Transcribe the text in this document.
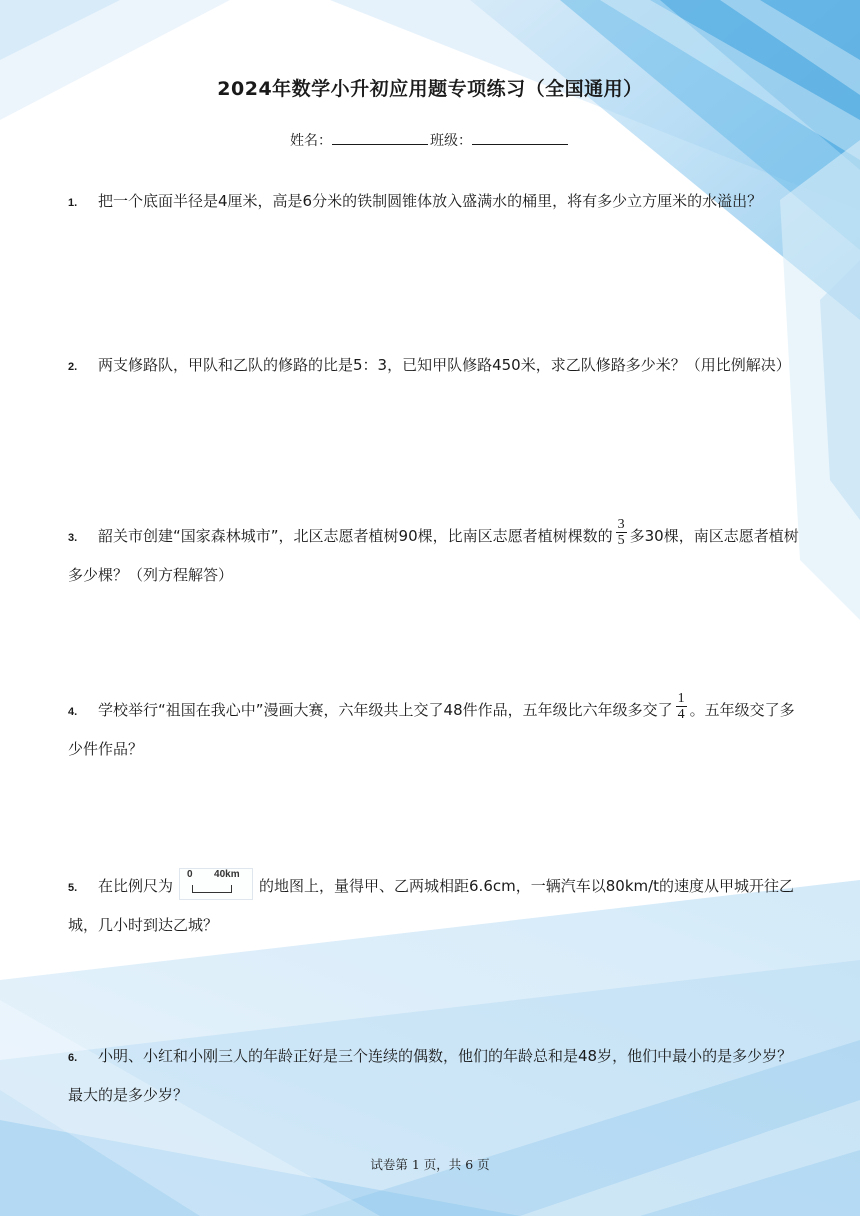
2024年数学小升初应用题专项练习（全国通用）
姓名：	班级：
1. 把一个底面半径是4厘米，高是6分米的铁制圆锥体放入盛满水的桶里，将有多少立方厘米的水溢出？
2. 两支修路队，甲队和乙队的修路的比是5：3，已知甲队修路450米，求乙队修路多少米？（用比例解决）
3. 韶关市创建“国家森林城市”，北区志愿者植树90棵，比南区志愿者植树棵数的 $\frac{3}{5}$ 多30棵，南区志愿者植树多少棵？（列方程解答）
4. 学校举行“祖国在我心中”漫画大赛，六年级共上交了48件作品，五年级比六年级多交了 $\frac{1}{4}$ 。五年级交了多少件作品？
5. 在比例尺为
0 40km
的地图上，量得甲、乙两城相距6.6cm，一辆汽车以80km/t的速度从甲城开往乙城，几小时到达乙城？
6. 小明、小红和小刚三人的年龄正好是三个连续的偶数，他们的年龄总和是48岁，他们中最小的是多少岁？最大的是多少岁？
试卷第 1 页，共 6 页
